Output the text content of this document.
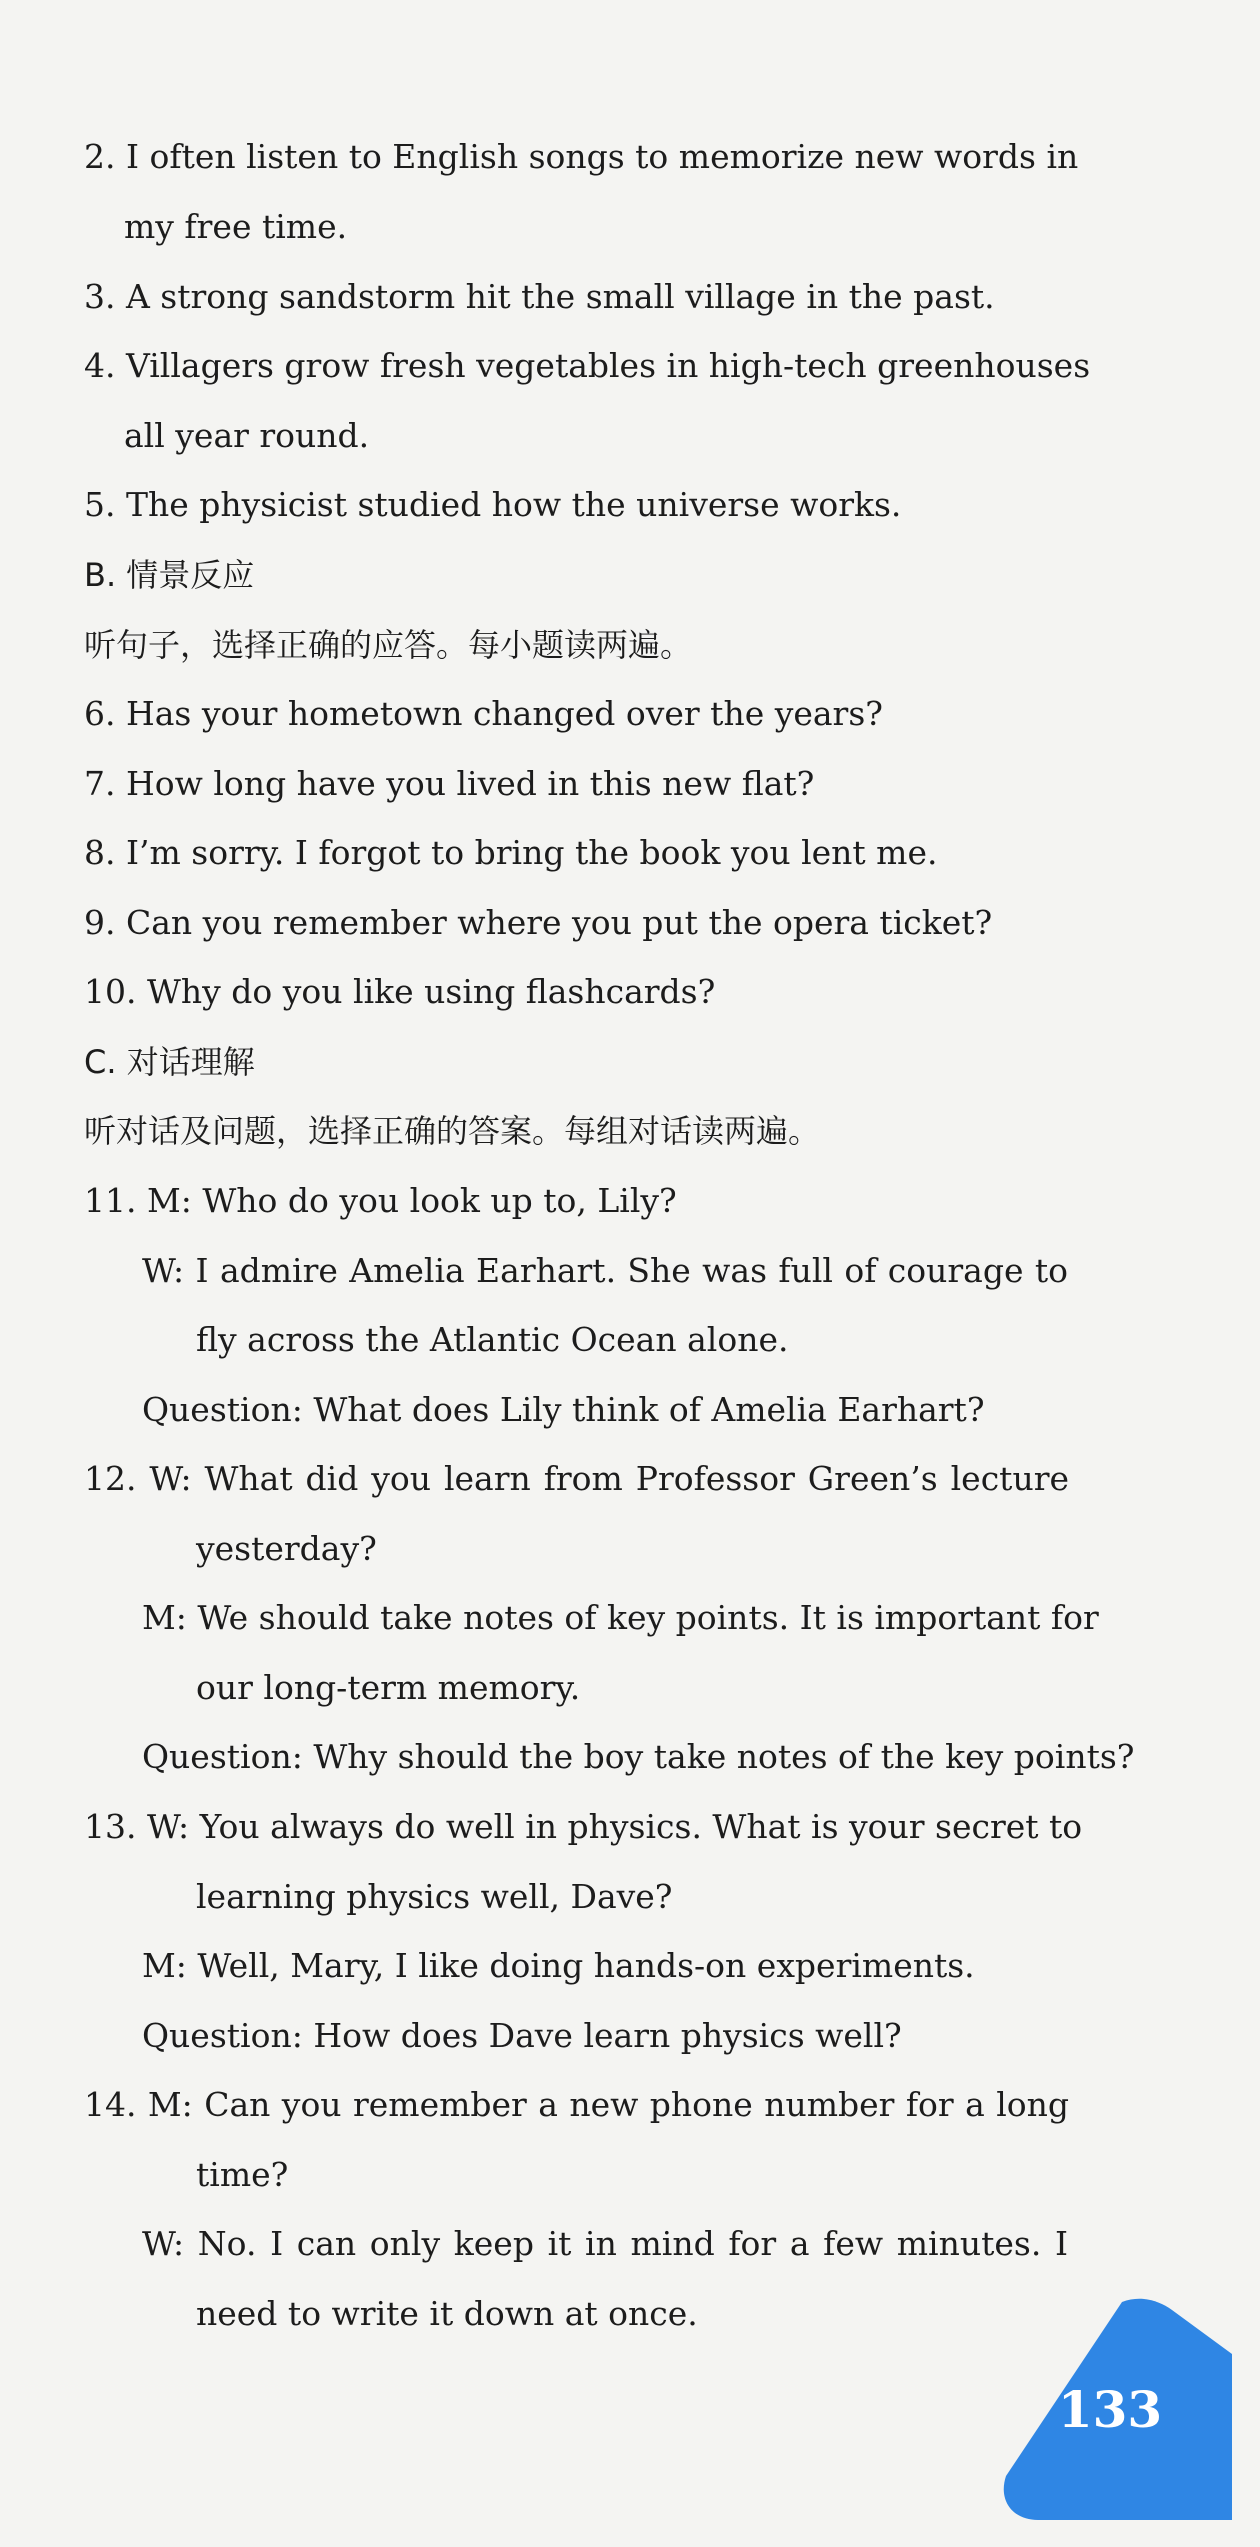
2. I often listen to English songs to memorize new words in
my free time.
3. A strong sandstorm hit the small village in the past.
4. Villagers grow fresh vegetables in high-tech greenhouses
all year round.
5. The physicist studied how the universe works.
B. 情景反应
听句子，选择正确的应答。每小题读两遍。
6. Has your hometown changed over the years?
7. How long have you lived in this new flat?
8. I’m sorry. I forgot to bring the book you lent me.
9. Can you remember where you put the opera ticket?
10. Why do you like using flashcards?
C. 对话理解
听对话及问题，选择正确的答案。每组对话读两遍。
11. M: Who do you look up to, Lily?
W: I admire Amelia Earhart. She was full of courage to
fly across the Atlantic Ocean alone.
Question: What does Lily think of Amelia Earhart?
12. W: What did you learn from Professor Green’s lecture
yesterday?
M: We should take notes of key points. It is important for
our long-term memory.
Question: Why should the boy take notes of the key points?
13. W: You always do well in physics. What is your secret to
learning physics well, Dave?
M: Well, Mary, I like doing hands-on experiments.
Question: How does Dave learn physics well?
14. M: Can you remember a new phone number for a long
time?
W: No. I can only keep it in mind for a few minutes. I
need to write it down at once.
133
